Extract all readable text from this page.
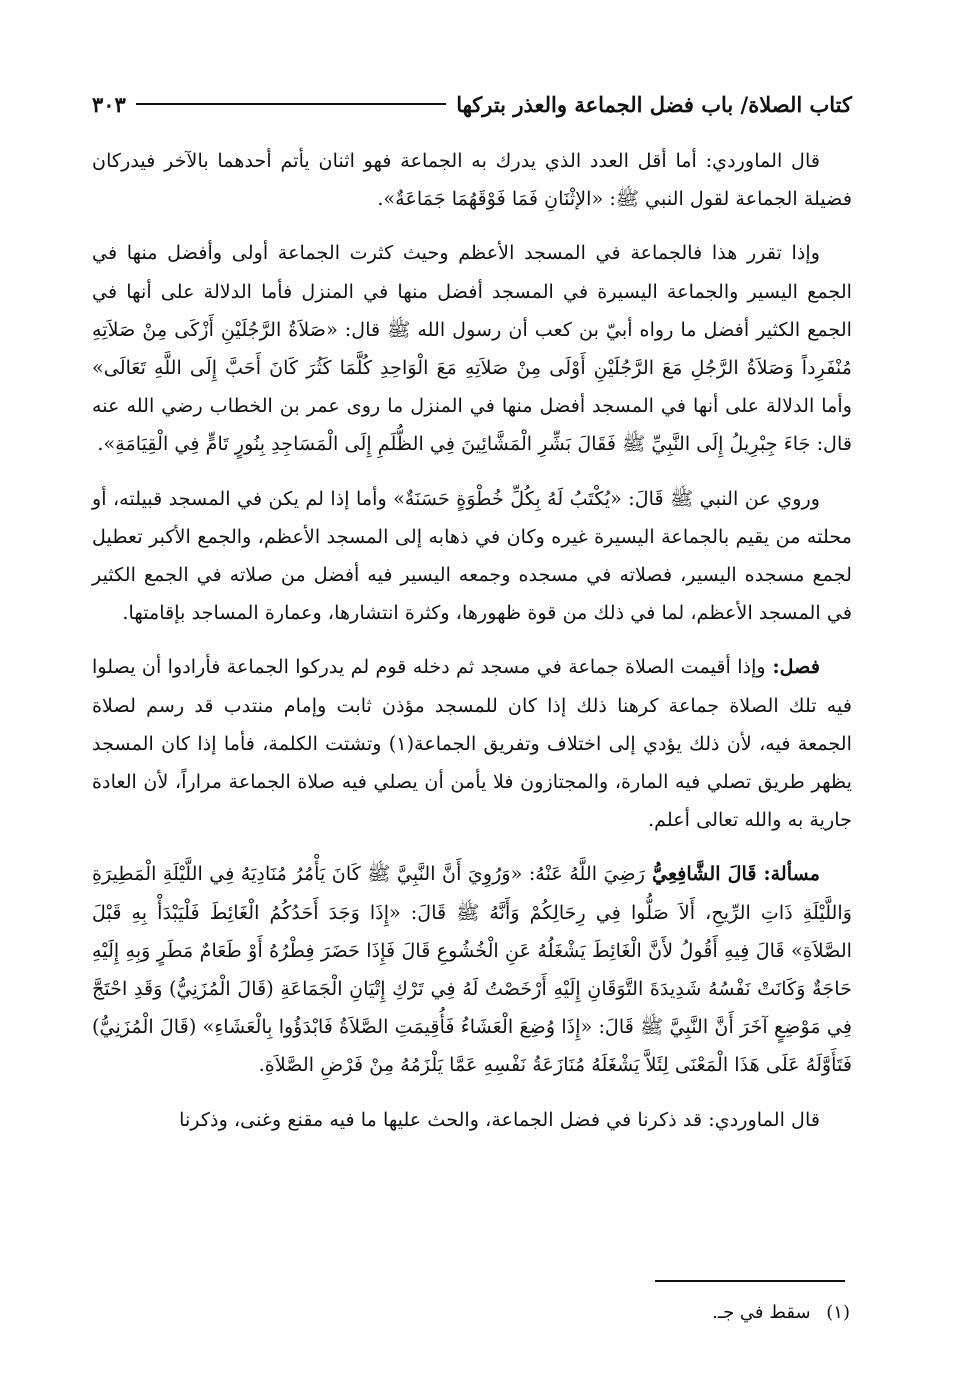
كتاب الصلاة/ باب فضل الجماعة والعذر بتركها
٣٠٣

قال الماوردي: أما أقل العدد الذي يدرك به الجماعة فهو اثنان يأتم أحدهما بالآخر فيدركان فضيلة الجماعة لقول النبي ﷺ: «الإثْنَانِ فَمَا فَوْقَهُمَا جَمَاعَةٌ».

وإذا تقرر هذا فالجماعة في المسجد الأعظم وحيث كثرت الجماعة أولى وأفضل منها في الجمع اليسير والجماعة اليسيرة في المسجد أفضل منها في المنزل فأما الدلالة على أنها في الجمع الكثير أفضل ما رواه أبيّ بن كعب أن رسول الله ﷺ قال: «صَلاَةُ الرَّجُلَيْنِ أَزْكَى مِنْ صَلاَتِهِ مُنْفَرِداً وَصَلاَةُ الرَّجُلِ مَعَ الرَّجُلَيْنِ أَوْلَى مِنْ صَلاَتِهِ مَعَ الْوَاحِدِ كُلَّمَا كَثُرَ كَانَ أَحَبَّ إِلَى اللَّهِ تَعَالَى» وأما الدلالة على أنها في المسجد أفضل منها في المنزل ما روى عمر بن الخطاب رضي الله عنه قال: جَاءَ جِبْرِيلُ إِلَى النَّبِيِّ ﷺ فَقَالَ بَشِّرِ الْمَشَّائِينَ فِي الظُّلَمِ إِلَى الْمَسَاجِدِ بِنُورٍ تَامٍّ فِي الْقِيَامَةِ».

وروي عن النبي ﷺ قَالَ: «يُكْتَبُ لَهُ بِكُلِّ خُطْوَةٍ حَسَنَةٌ» وأما إذا لم يكن في المسجد قبيلته، أو محلته من يقيم بالجماعة اليسيرة غيره وكان في ذهابه إلى المسجد الأعظم، والجمع الأكبر تعطيل لجمع مسجده اليسير، فصلاته في مسجده وجمعه اليسير فيه أفضل من صلاته في الجمع الكثير في المسجد الأعظم، لما في ذلك من قوة ظهورها، وكثرة انتشارها، وعمارة المساجد بإقامتها.

فصل: وإذا أقيمت الصلاة جماعة في مسجد ثم دخله قوم لم يدركوا الجماعة فأرادوا أن يصلوا فيه تلك الصلاة جماعة كرهنا ذلك إذا كان للمسجد مؤذن ثابت وإمام منتدب قد رسم لصلاة الجمعة فيه، لأن ذلك يؤدي إلى اختلاف وتفريق الجماعة(١) وتشتت الكلمة، فأما إذا كان المسجد يظهر طريق تصلي فيه المارة، والمجتازون فلا يأمن أن يصلي فيه صلاة الجماعة مراراً، لأن العادة جارية به والله تعالى أعلم.

مسألة: قَالَ الشَّافِعِيُّ رَضِيَ اللَّهُ عَنْهُ: «وَرُوِيَ أَنَّ النَّبِيَّ ﷺ كَانَ يَأْمُرُ مُنَادِيَهُ فِي اللَّيْلَةِ الْمَطِيرَةِ وَاللَّيْلَةِ ذَاتِ الرِّيحِ، أَلاَ صَلُّوا فِي رِحَالِكُمْ وَأَنَّهُ ﷺ قَالَ: «إِذَا وَجَدَ أَحَدُكُمُ الْغَائِطَ فَلْيَبْدَأْ بِهِ قَبْلَ الصَّلاَةِ» قَالَ فِيهِ أَقُولُ لأَنَّ الْغَائِطَ يَشْغَلُهُ عَنِ الْخُشُوعِ قَالَ فَإِذَا حَضَرَ فِطْرُهُ أَوْ طَعَامٌ مَطَرٍ وَبِهِ إِلَيْهِ حَاجَةٌ وَكَانَتْ نَفْسُهُ شَدِيدَةَ التَّوَقَانِ إِلَيْهِ أَرْخَصْتُ لَهُ فِي تَرْكِ إِتْيَانِ الْجَمَاعَةِ (قَالَ الْمُزَنِيُّ) وَقَدِ احْتَجَّ فِي مَوْضِعٍ آخَرَ أَنَّ النَّبِيَّ ﷺ قَالَ: «إِذَا وُضِعَ الْعَشَاءُ فَأُقِيمَتِ الصَّلاَةُ فَابْدَؤُوا بِالْعَشَاءِ» (قَالَ الْمُزَنِيُّ) فَتَأَوَّلَهُ عَلَى هَذَا الْمَعْنَى لِئَلاَّ يَشْغَلَهُ مُنَازَعَةُ نَفْسِهِ عَمَّا يَلْزَمُهُ مِنْ فَرْضِ الصَّلاَةِ.

قال الماوردي: قد ذكرنا في فضل الجماعة، والحث عليها ما فيه مقنع وغنى، وذكرنا

(١) سقط في جـ.
